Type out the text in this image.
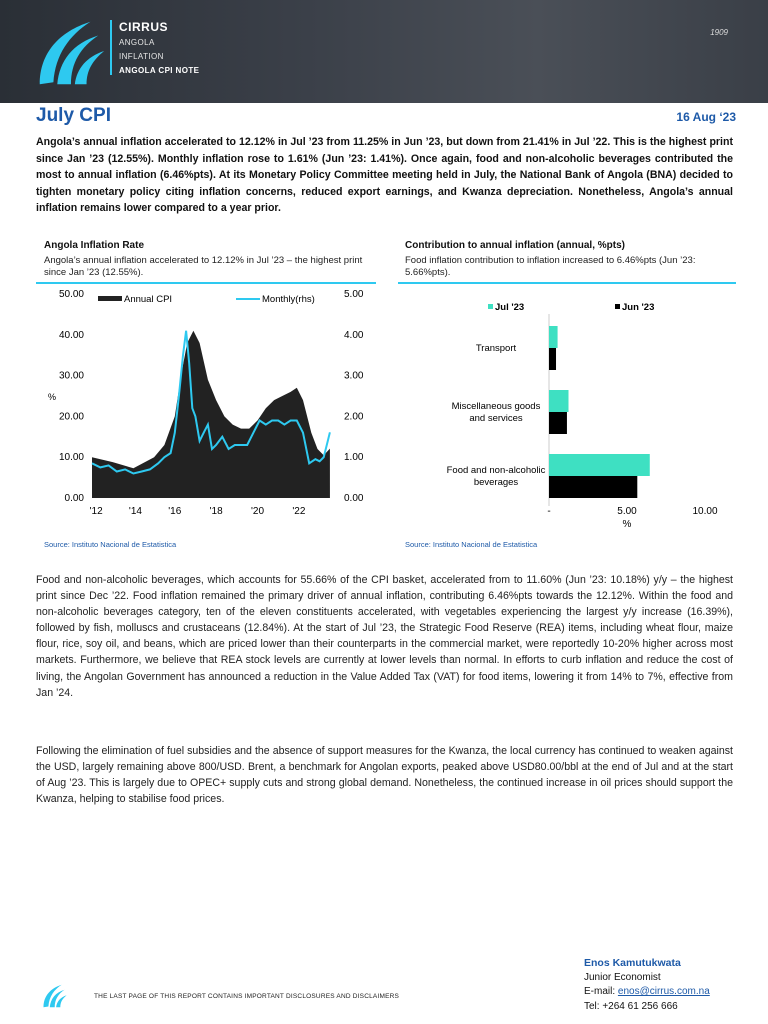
CIRRUS
ANGOLA
INFLATION
ANGOLA CPI NOTE
1909
July CPI	16 Aug ‘23
Angola’s annual inflation accelerated to 12.12% in Jul ’23 from 11.25% in Jun ’23, but down from 21.41% in Jul ’22. This is the highest print since Jan ’23 (12.55%). Monthly inflation rose to 1.61% (Jun ’23: 1.41%). Once again, food and non-alcoholic beverages contributed the most to annual inflation (6.46%pts). At its Monetary Policy Committee meeting held in July, the National Bank of Angola (BNA) decided to tighten monetary policy citing inflation concerns, reduced export earnings, and Kwanza depreciation. Nonetheless, Angola’s annual inflation remains lower compared to a year prior.
Angola Inflation Rate
Angola’s annual inflation accelerated to 12.12% in Jul ’23 – the highest print since Jan ’23 (12.55%).
0.00
10.00
20.00
30.00
40.00
50.00
0.00
1.00
2.00
3.00
4.00
5.00
'12	'14	'16	'18	'20	'22
%
Annual CPI	Monthly(rhs)
Source: Instituto Nacional de Estatistica
Contribution to annual inflation (annual, %pts)
Food inflation contribution to inflation increased to 6.46%pts (Jun ’23: 5.66%pts).
Jul '23	Jun '23
Transport
Miscellaneous goods and services
Food and non-alcoholic beverages
-	5.00	10.00
%
Source: Instituto Nacional de Estatistica
Food and non-alcoholic beverages, which accounts for 55.66% of the CPI basket, accelerated from to 11.60% (Jun ’23: 10.18%) y/y – the highest print since Dec ’22. Food inflation remained the primary driver of annual inflation, contributing 6.46%pts towards the 12.12%. Within the food and non-alcoholic beverages category, ten of the eleven constituents accelerated, with vegetables experiencing the largest y/y increase (16.39%), followed by fish, molluscs and crustaceans (12.84%). At the start of Jul ’23, the Strategic Food Reserve (REA) items, including wheat flour, maize flour, rice, soy oil, and beans, which are priced lower than their counterparts in the commercial market, were reportedly 10-20% higher across most markets. Furthermore, we believe that REA stock levels are currently at lower levels than normal. In efforts to curb inflation and reduce the cost of living, the Angolan Government has announced a reduction in the Value Added Tax (VAT) for food items, lowering it from 14% to 7%, effective from Jan ’24.
Following the elimination of fuel subsidies and the absence of support measures for the Kwanza, the local currency has continued to weaken against the USD, largely remaining above 800/USD. Brent, a benchmark for Angolan exports, peaked above USD80.00/bbl at the end of Jul and at the start of Aug ’23. This is largely due to OPEC+ supply cuts and strong global demand. Nonetheless, the continued increase in oil prices should support the Kwanza, helping to stabilise food prices.
THE LAST PAGE OF THIS REPORT CONTAINS IMPORTANT DISCLOSURES AND DISCLAIMERS
Enos Kamutukwata
Junior Economist
E-mail: enos@cirrus.com.na
Tel: +264 61 256 666
